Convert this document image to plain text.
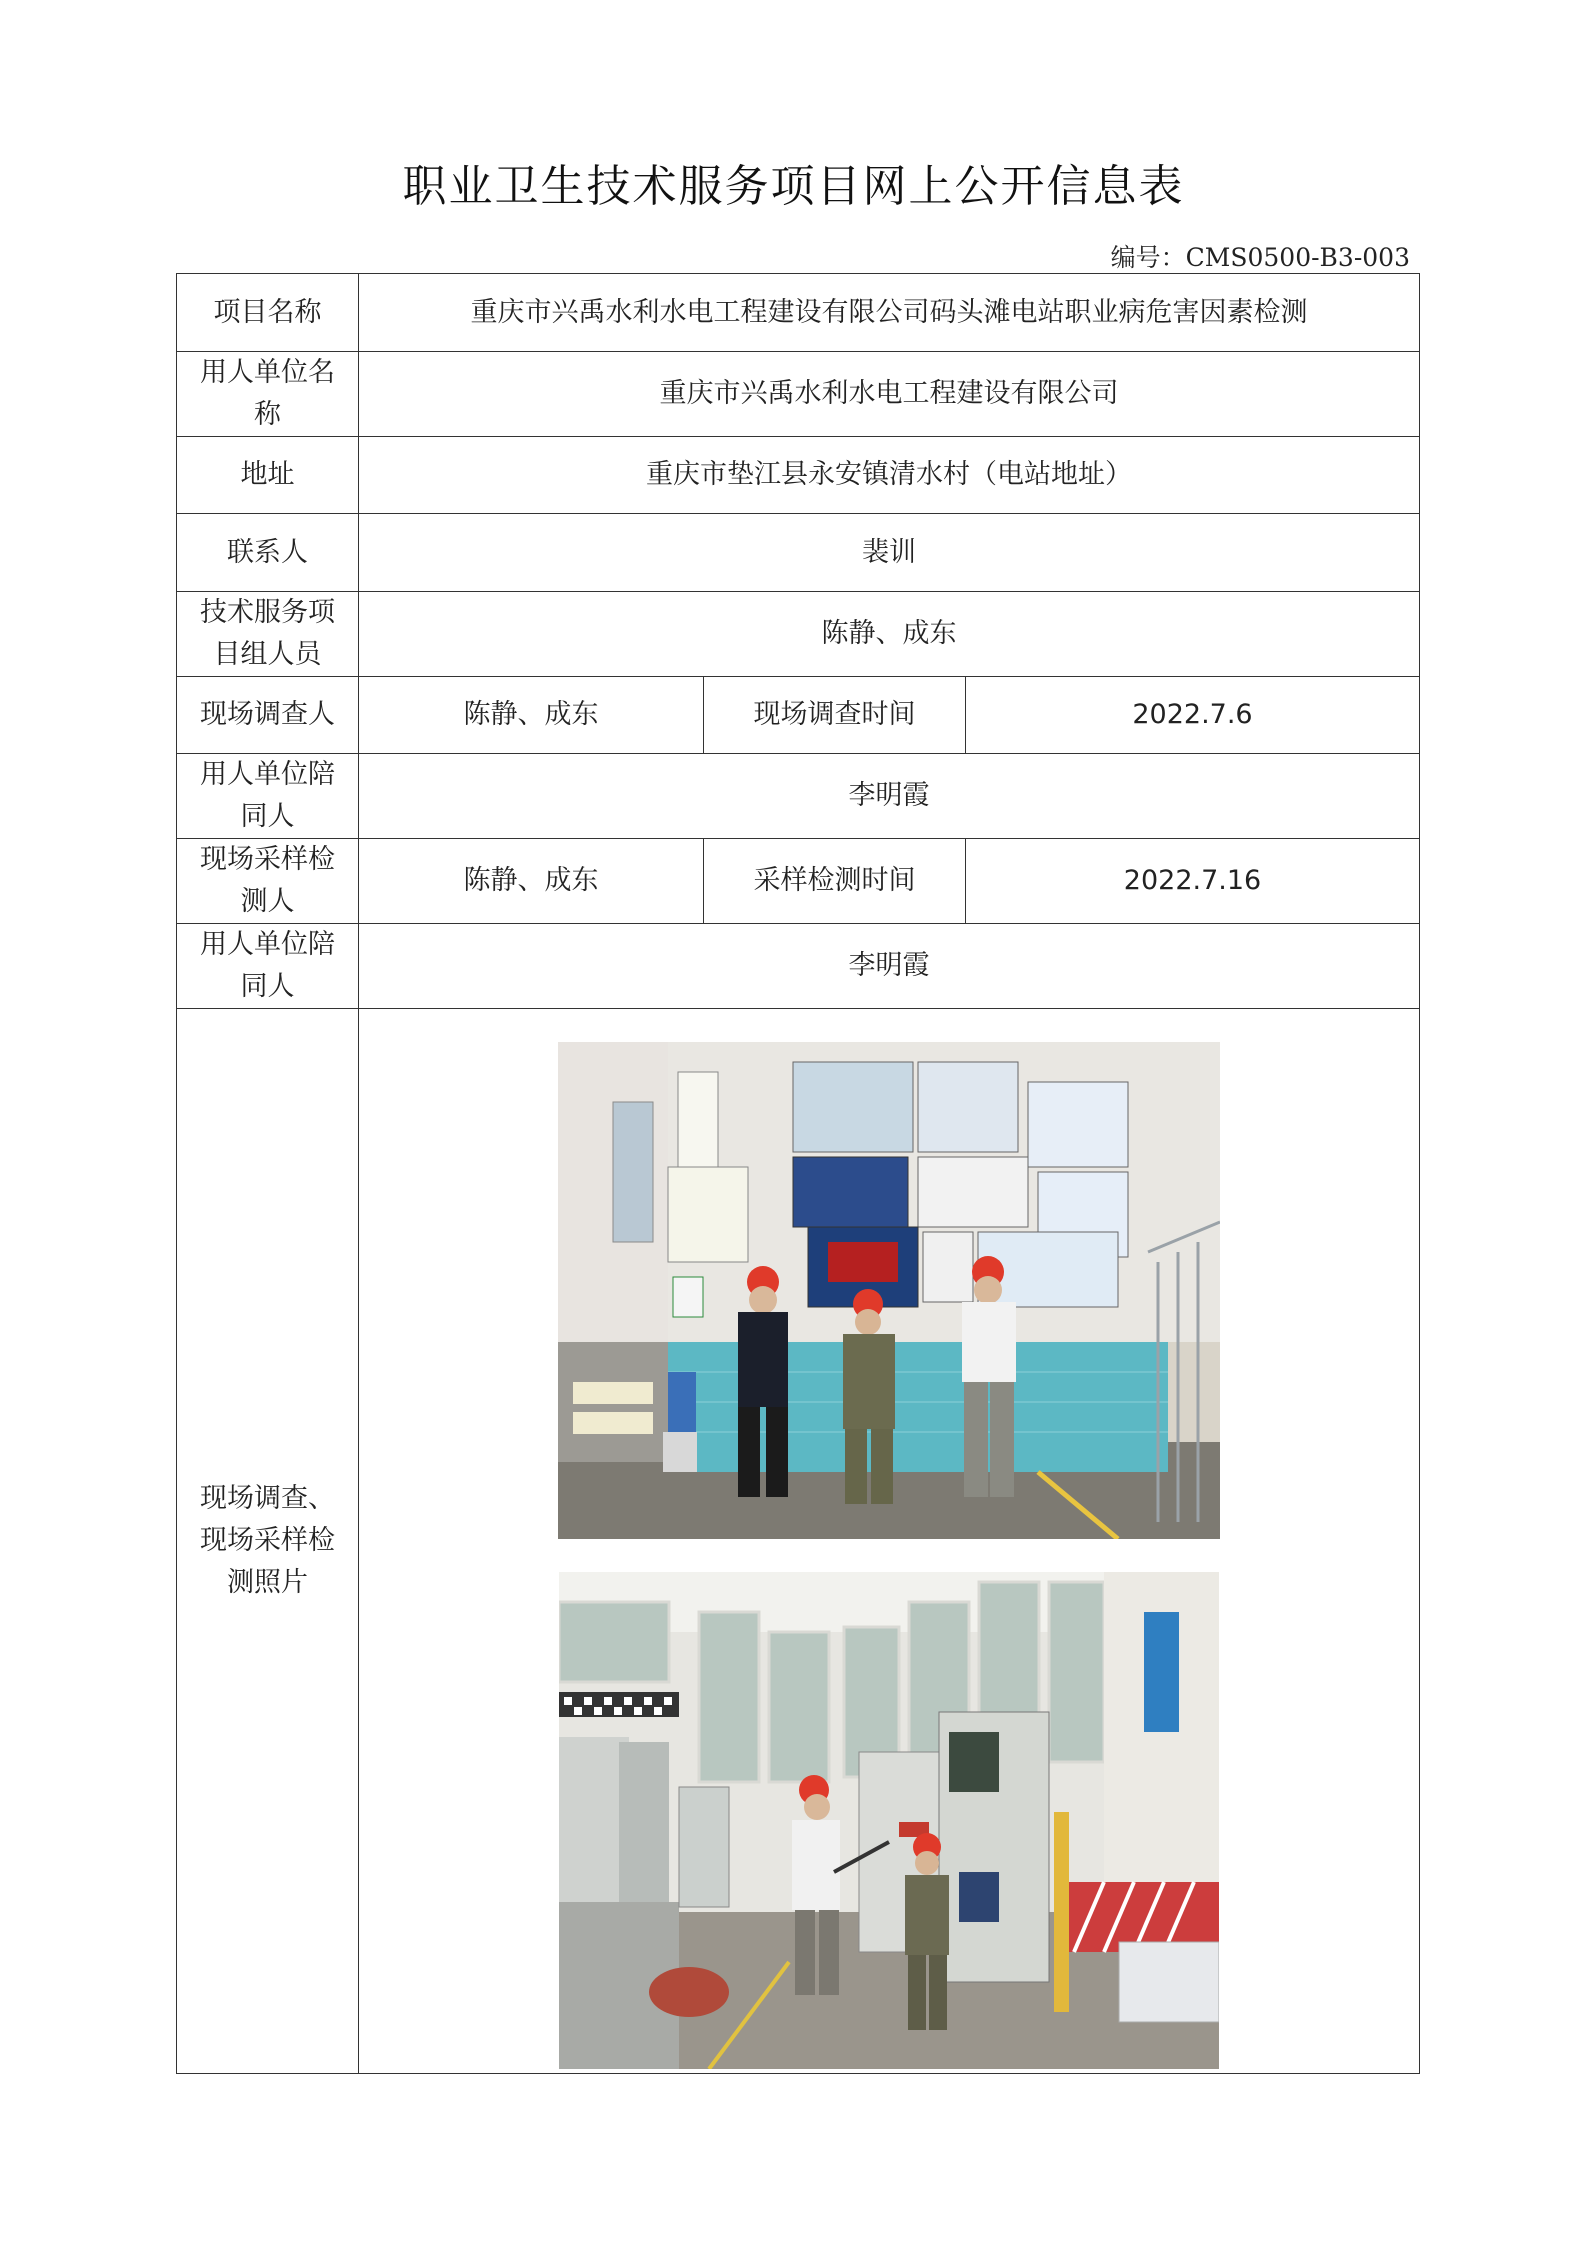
职业卫生技术服务项目网上公开信息表
编号：CMS0500-B3-003
项目名称	重庆市兴禹水利水电工程建设有限公司码头滩电站职业病危害因素检测		
用人单位名称	重庆市兴禹水利水电工程建设有限公司		
地址	重庆市垫江县永安镇清水村（电站地址）		
联系人	裴训		
技术服务项目组人员	陈静、成东		
现场调查人	陈静、成东	现场调查时间	2022.7.6
用人单位陪同人	李明霞		
现场采样检测人	陈静、成东	采样检测时间	2022.7.16
用人单位陪同人	李明霞		
现场调查、现场采样检测照片	
